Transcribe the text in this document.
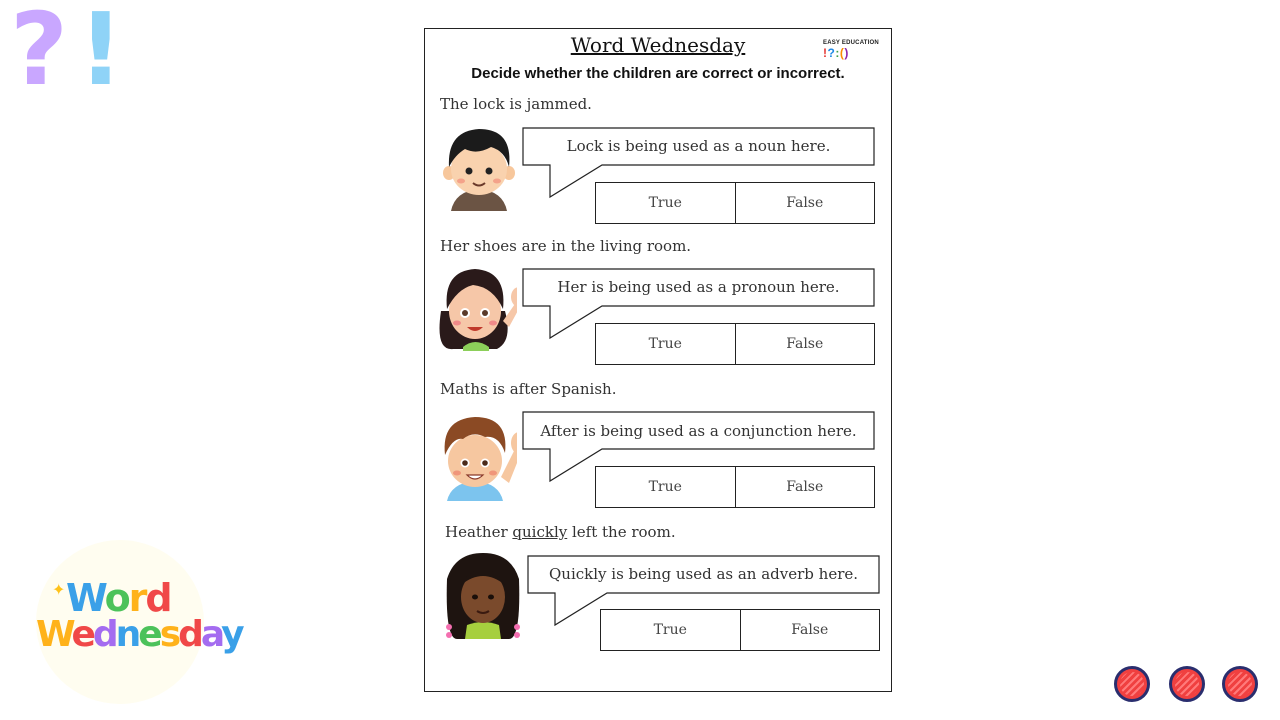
? !	Word Wednesday	EASY EDUCATION
!?:()
Decide whether the children are correct or incorrect.
The lock is jammed.
Lock is being used as a noun here.
True	False
Her shoes are in the living room.
Her is being used as a pronoun here.
True	False
Maths is after Spanish.
After is being used as a conjunction here.
True	False
Heather quickly left the room.
Quickly is being used as an adverb here.
True	False
✦ Word
Wednesday
